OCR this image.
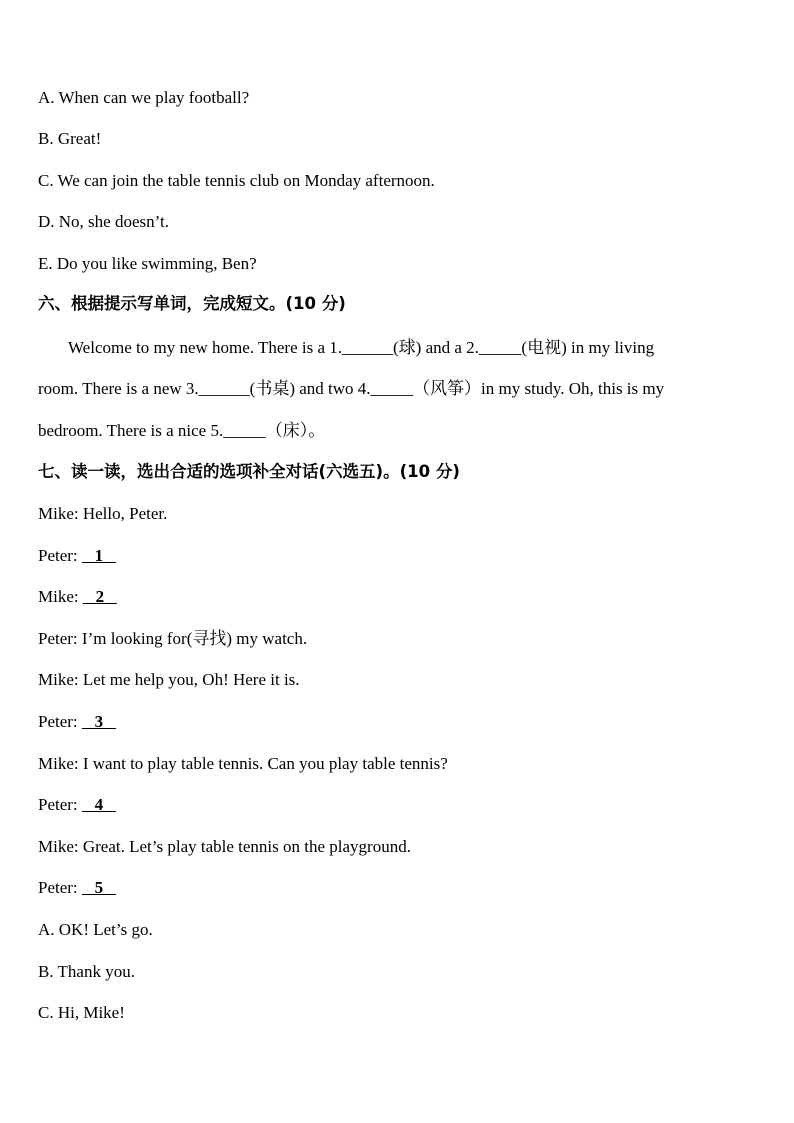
A. When can we play football?
B. Great!
C. We can join the table tennis club on Monday afternoon.
D. No, she doesn’t.
E. Do you like swimming, Ben?
六、根据提示写单词，完成短文。(10 分)
Welcome to my new home. There is a 1.______(球) and a 2._____(电视) in my living
room. There is a new 3.______(书桌) and two 4._____（风筝）in my study. Oh, this is my
bedroom. There is a nice 5._____（床）。
七、读一读，选出合适的选项补全对话(六选五)。(10 分)
Mike: Hello, Peter.
Peter:    1
Mike:    2
Peter: I’m looking for(寻找) my watch.
Mike: Let me help you, Oh! Here it is.
Peter:    3
Mike: I want to play table tennis. Can you play table tennis?
Peter:    4
Mike: Great. Let’s play table tennis on the playground.
Peter:    5
A. OK! Let’s go.
B. Thank you.
C. Hi, Mike!
